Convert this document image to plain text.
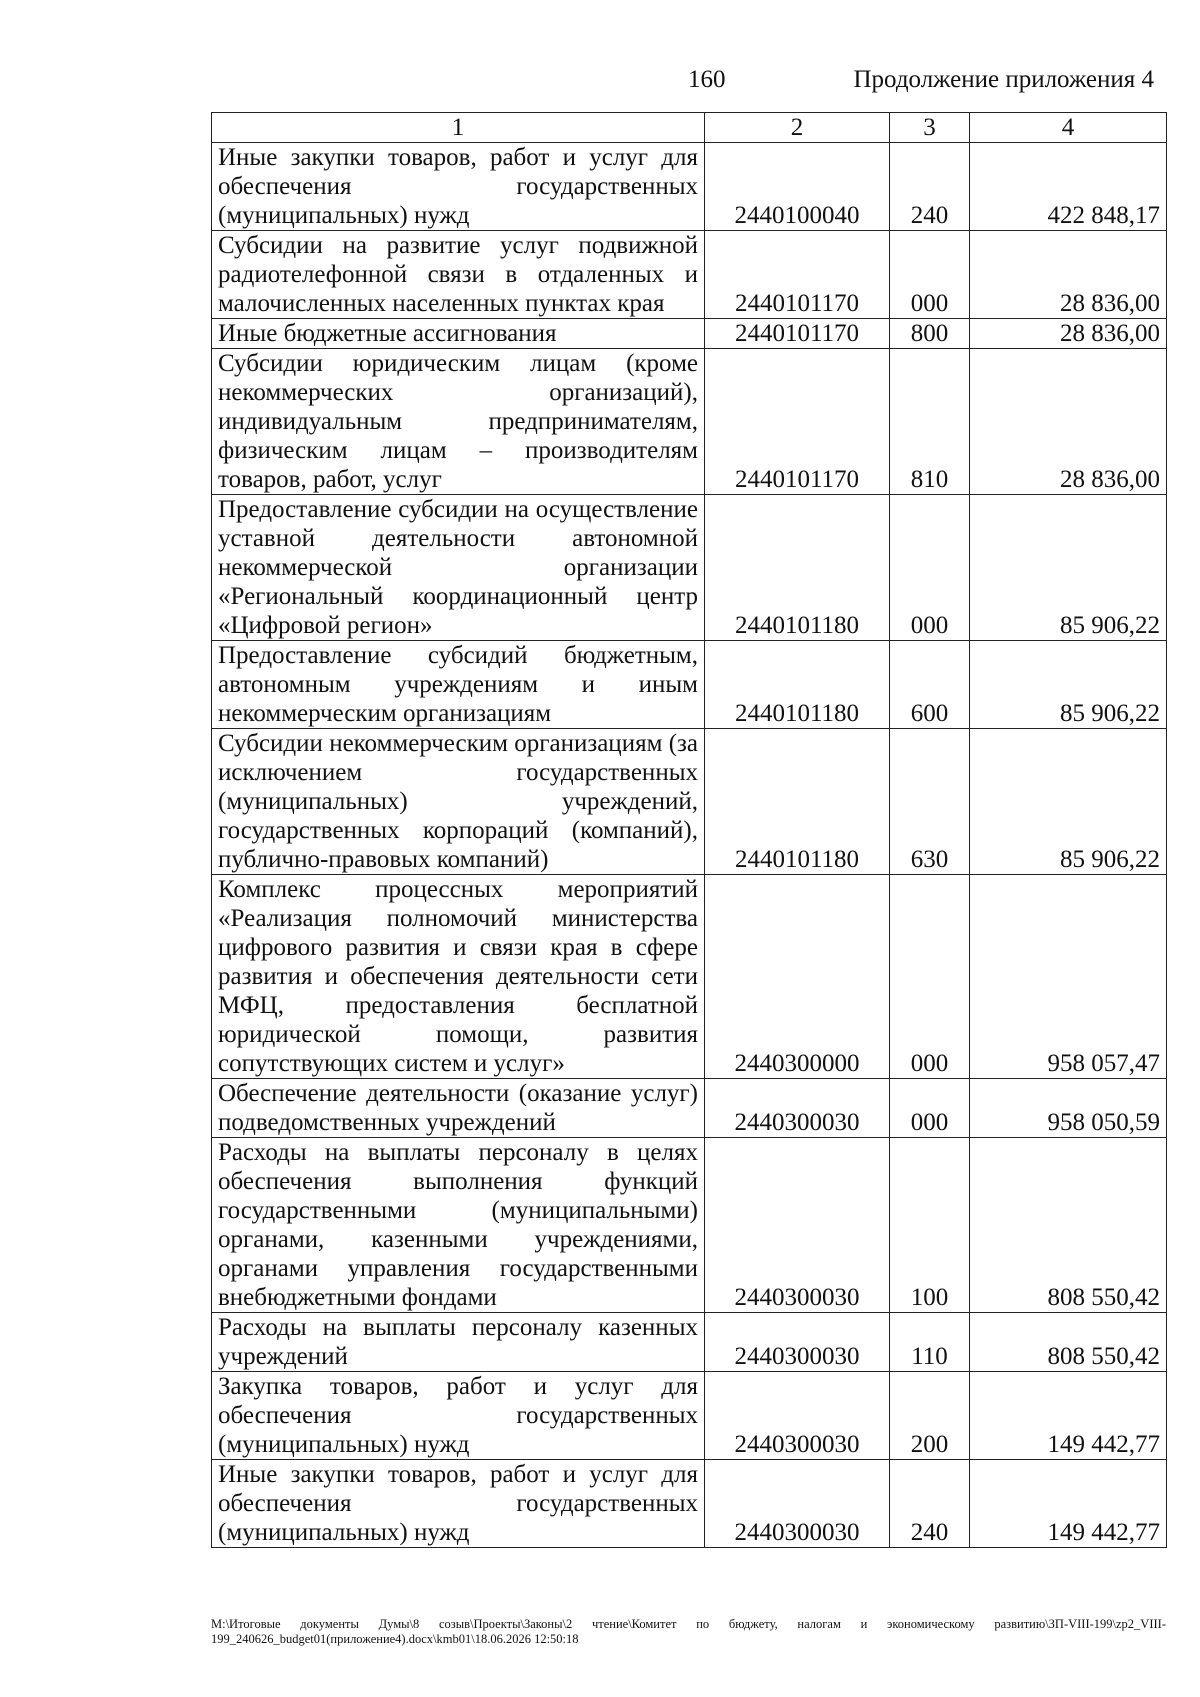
160	Продолжение приложения 4
1	2	3	4
Иные закупки товаров, работ и услуг для обеспечения государственных (муниципальных) нужд	2440100040	240	422 848,17
Субсидии на развитие услуг подвижной радиотелефонной связи в отдаленных и малочисленных населенных пунктах края	2440101170	000	28 836,00
Иные бюджетные ассигнования	2440101170	800	28 836,00
Субсидии юридическим лицам (кроме некоммерческих организаций), индивидуальным предпринимателям, физическим лицам – производителям товаров, работ, услуг	2440101170	810	28 836,00
Предоставление субсидии на осуществление уставной деятельности автономной некоммерческой организации «Региональный координационный центр «Цифровой регион»	2440101180	000	85 906,22
Предоставление субсидий бюджетным, автономным учреждениям и иным некоммерческим организациям	2440101180	600	85 906,22
Субсидии некоммерческим организациям (за исключением государственных (муниципальных) учреждений, государственных корпораций (компаний), публично-правовых компаний)	2440101180	630	85 906,22
Комплекс процессных мероприятий «Реализация полномочий министерства цифрового развития и связи края в сфере развития и обеспечения деятельности сети МФЦ, предоставления бесплатной юридической помощи, развития сопутствующих систем и услуг»	2440300000	000	958 057,47
Обеспечение деятельности (оказание услуг) подведомственных учреждений	2440300030	000	958 050,59
Расходы на выплаты персоналу в целях обеспечения выполнения функций государственными (муниципальными) органами, казенными учреждениями, органами управления государственными внебюджетными фондами	2440300030	100	808 550,42
Расходы на выплаты персоналу казенных учреждений	2440300030	110	808 550,42
Закупка товаров, работ и услуг для обеспечения государственных (муниципальных) нужд	2440300030	200	149 442,77
Иные закупки товаров, работ и услуг для обеспечения государственных (муниципальных) нужд	2440300030	240	149 442,77
М:\Итоговые документы Думы\8 созыв\Проекты\Законы\2 чтение\Комитет по бюджету, налогам и экономическому развитию\ЗП-VIII-199\zp2_VIII-199_240626_budget01(приложение4).docx\kmb01\18.06.2026 12:50:18
